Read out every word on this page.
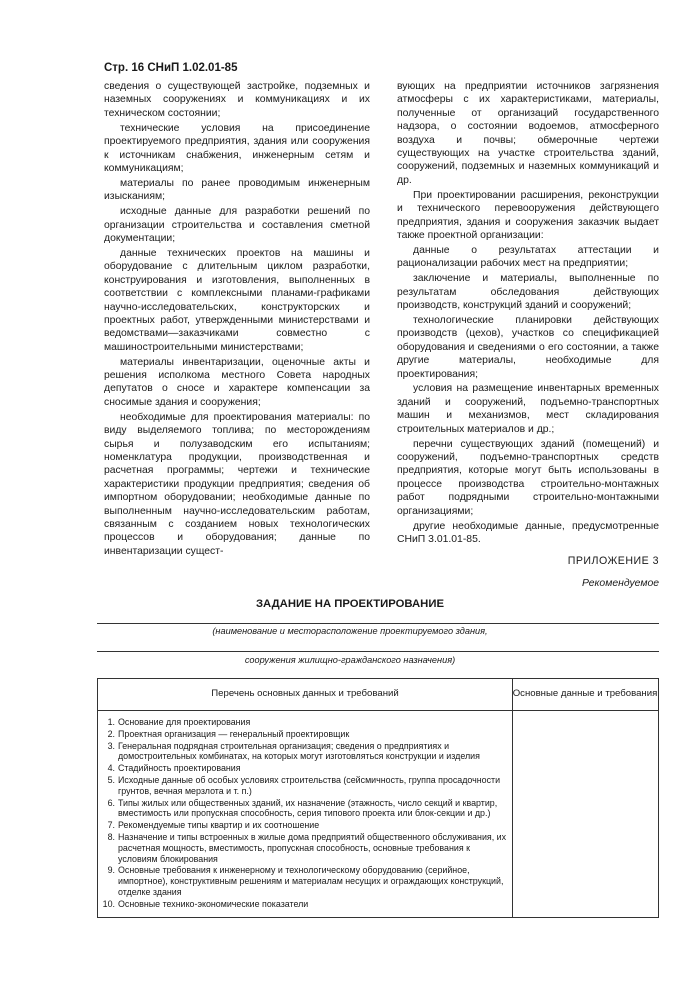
Стр. 16 СНиП 1.02.01-85

сведения о существующей застройке, подземных и наземных сооружениях и коммуникациях и их техническом состоянии;

технические условия на присоединение проектируемого предприятия, здания или сооружения к источникам снабжения, инженерным сетям и коммуникациям;

материалы по ранее проводимым инженерным изысканиям;

исходные данные для разработки решений по организации строительства и составления сметной документации;

данные технических проектов на машины и оборудование с длительным циклом разработки, конструирования и изготовления, выполненных в соответствии с комплексными планами-графиками научно-исследовательских, конструкторских и проектных работ, утвержденными министерствами и ведомствами—заказчиками совместно с машиностроительными министерствами;

материалы инвентаризации, оценочные акты и решения исполкома местного Совета народных депутатов о сносе и характере компенсации за сносимые здания и сооружения;

необходимые для проектирования материалы: по виду выделяемого топлива; по месторождениям сырья и полузаводским его испытаниям; номенклатура продукции, производственная и расчетная программы; чертежи и технические характеристики продукции предприятия; сведения об импортном оборудовании; необходимые данные по выполненным научно-исследовательским работам, связанным с созданием новых технологических процессов и оборудования; данные по инвентаризации сущест-

вующих на предприятии источников загрязнения атмосферы с их характеристиками, материалы, полученные от организаций государственного надзора, о состоянии водоемов, атмосферного воздуха и почвы; обмерочные чертежи существующих на участке строительства зданий, сооружений, подземных и наземных коммуникаций и др.

При проектировании расширения, реконструкции и технического перевооружения действующего предприятия, здания и сооружения заказчик выдает также проектной организации:

данные о результатах аттестации и рационализации рабочих мест на предприятии;

заключение и материалы, выполненные по результатам обследования действующих производств, конструкций зданий и сооружений;

технологические планировки действующих производств (цехов), участков со спецификацией оборудования и сведениями о его состоянии, а также другие материалы, необходимые для проектирования;

условия на размещение инвентарных временных зданий и сооружений, подъемно-транспортных машин и механизмов, мест складирования строительных материалов и др.;

перечни существующих зданий (помещений) и сооружений, подъемно-транспортных средств предприятия, которые могут быть использованы в процессе производства строительно-монтажных работ подрядными строительно-монтажными организациями;

другие необходимые данные, предусмотренные СНиП 3.01.01-85.

ПРИЛОЖЕНИЕ 3
Рекомендуемое
ЗАДАНИЕ НА ПРОЕКТИРОВАНИЕ
(наименование и месторасположение проектируемого здания,
сооружения жилищно-гражданского назначения)
Перечень основных данных и требований	Основные данные и требования
1. Основание для проектирования
2. Проектная организация — генеральный проектировщик
3. Генеральная подрядная строительная организация; сведения о предприятиях и домостроительных комбинатах, на которых могут изготовляться конструкции и изделия
4. Стадийность проектирования
5. Исходные данные об особых условиях строительства (сейсмичность, группа просадочности грунтов, вечная мерзлота и т. п.)
6. Типы жилых или общественных зданий, их назначение (этажность, число секций и квартир, вместимость или пропускная способность, серия типового проекта или блок-секции и др.)
7. Рекомендуемые типы квартир и их соотношение
8. Назначение и типы встроенных в жилые дома предприятий общественного обслуживания, их расчетная мощность, вместимость, пропускная способность, основные требования к условиям блокирования
9. Основные требования к инженерному и технологическому оборудованию (серийное, импортное), конструктивным решениям и материалам несущих и ограждающих конструкций, отделке здания
10. Основные технико-экономические показатели
